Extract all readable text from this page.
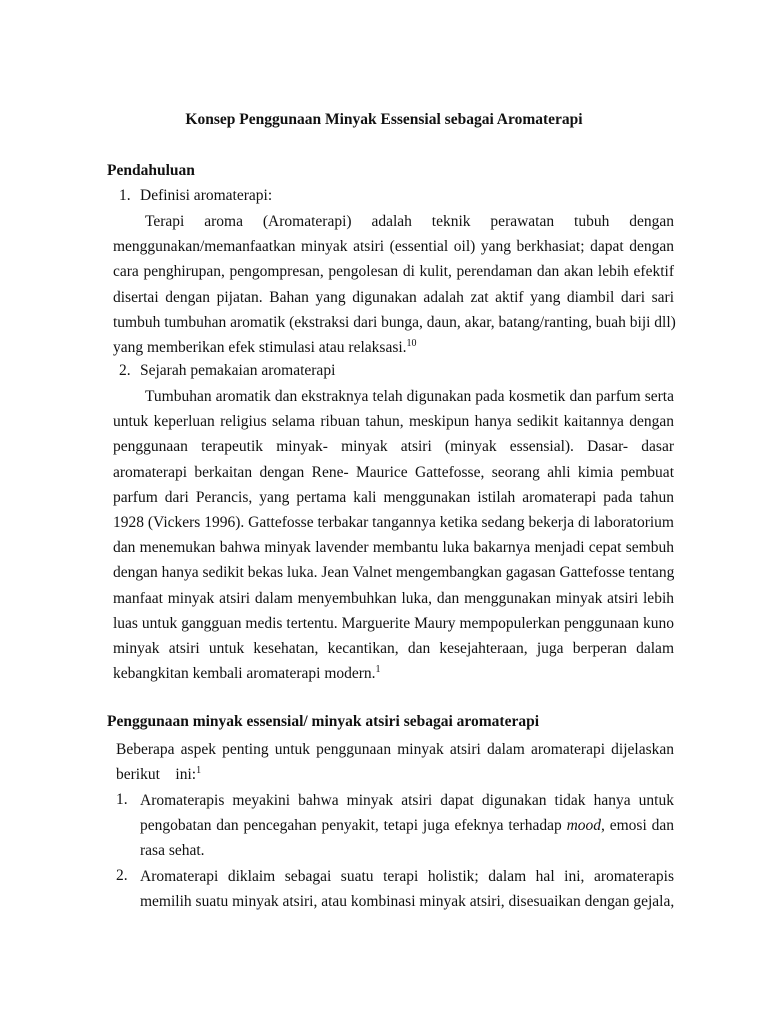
Konsep Penggunaan Minyak Essensial sebagai Aromaterapi
Pendahuluan
1. Definisi aromaterapi:
Terapi aroma (Aromaterapi) adalah teknik perawatan tubuh dengan
menggunakan/memanfaatkan minyak atsiri (essential oil) yang berkhasiat; dapat dengan
cara penghirupan, pengompresan, pengolesan di kulit, perendaman dan akan lebih efektif
disertai dengan pijatan. Bahan yang digunakan adalah zat aktif yang diambil dari sari
tumbuh tumbuhan aromatik (ekstraksi dari bunga, daun, akar, batang/ranting, buah biji dll)
yang memberikan efek stimulasi atau relaksasi.$^{10}$
2. Sejarah pemakaian aromaterapi
Tumbuhan aromatik dan ekstraknya telah digunakan pada kosmetik dan parfum serta
untuk keperluan religius selama ribuan tahun, meskipun hanya sedikit kaitannya dengan
penggunaan terapeutik minyak- minyak atsiri (minyak essensial). Dasar- dasar
aromaterapi berkaitan dengan Rene- Maurice Gattefosse, seorang ahli kimia pembuat
parfum dari Perancis, yang pertama kali menggunakan istilah aromaterapi pada tahun
1928 (Vickers 1996). Gattefosse terbakar tangannya ketika sedang bekerja di laboratorium
dan menemukan bahwa minyak lavender membantu luka bakarnya menjadi cepat sembuh
dengan hanya sedikit bekas luka. Jean Valnet mengembangkan gagasan Gattefosse tentang
manfaat minyak atsiri dalam menyembuhkan luka, dan menggunakan minyak atsiri lebih
luas untuk gangguan medis tertentu. Marguerite Maury mempopulerkan penggunaan kuno
minyak atsiri untuk kesehatan, kecantikan, dan kesejahteraan, juga berperan dalam
kebangkitan kembali aromaterapi modern.$^1$
Penggunaan minyak essensial/ minyak atsiri sebagai aromaterapi
Beberapa aspek penting untuk penggunaan minyak atsiri dalam aromaterapi dijelaskan
berikut    ini:$^1$
1. Aromaterapis meyakini bahwa minyak atsiri dapat digunakan tidak hanya untuk
pengobatan dan pencegahan penyakit, tetapi juga efeknya terhadap mood, emosi dan
rasa sehat.
2. Aromaterapi diklaim sebagai suatu terapi holistik; dalam hal ini, aromaterapis
memilih suatu minyak atsiri, atau kombinasi minyak atsiri, disesuaikan dengan gejala,
